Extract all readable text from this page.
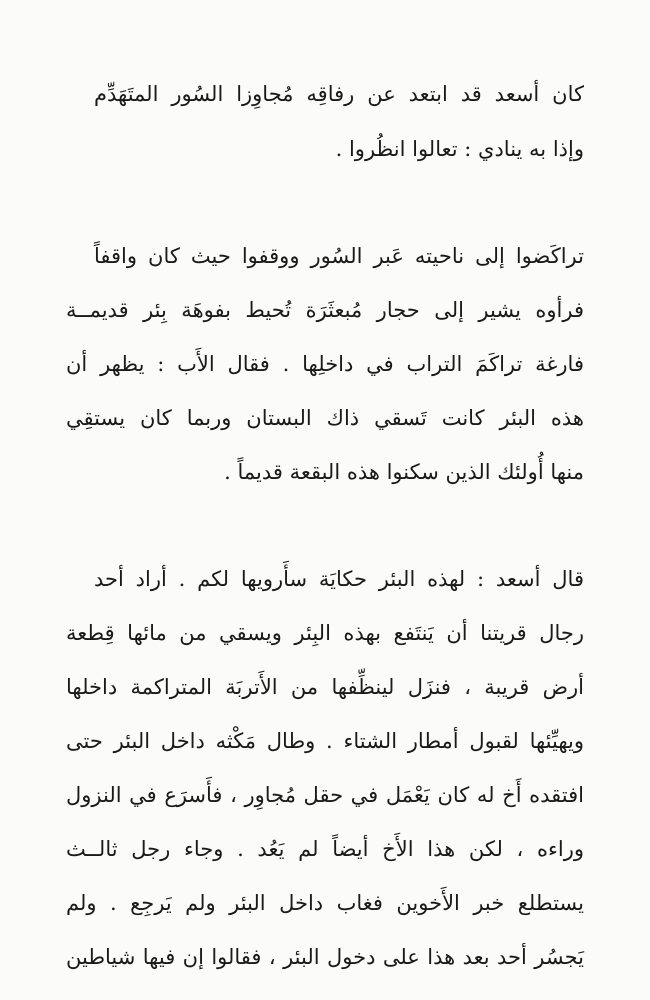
كان أسعد قد ابتعد عن رفاقِه مُجاوِزا السُور المتَهَدِّم
وإذا به ينادي : تعالوا انظُروا .
تراكَضوا إلى ناحيته عَبر السُور ووقفوا حيث كان واقفاً
فرأوه يشير إلى حجار مُبعثَرَة تُحيط بفوهَة بِئر قديمــة
فارغة تراكَمَ التراب في داخلِها . فقال الأَب : يظهر أن
هذه البئر كانت تَسقي ذاك البستان وربما كان يستقِي
منها أُولئك الذين سكنوا هذه البقعة قديماً .
قال أسعد : لهذه البئر حكايَة سأَرويها لكم . أراد أحد
رجال قريتنا أن يَنتَفع بهذه البِئر ويسقي من مائها قِطعة
أرض قريبة ، فنزَل لينظِّفها من الأَتربَة المتراكمة داخلها
ويهيِّئها لقبول أمطار الشتاء . وطال مَكْثه داخل البئر حتى
افتقده أَخ له كان يَعْمَل في حقل مُجاوِر ، فأَسرَع في النزول
وراءه ، لكن هذا الأَخ أيضاً لم يَعُد . وجاء رجل ثالــث
يستطلع خبر الأَخوين فغاب داخل البئر ولم يَرجِع . ولم
يَجسُر أحد بعد هذا على دخول البئر ، فقالوا إن فيها شياطين
